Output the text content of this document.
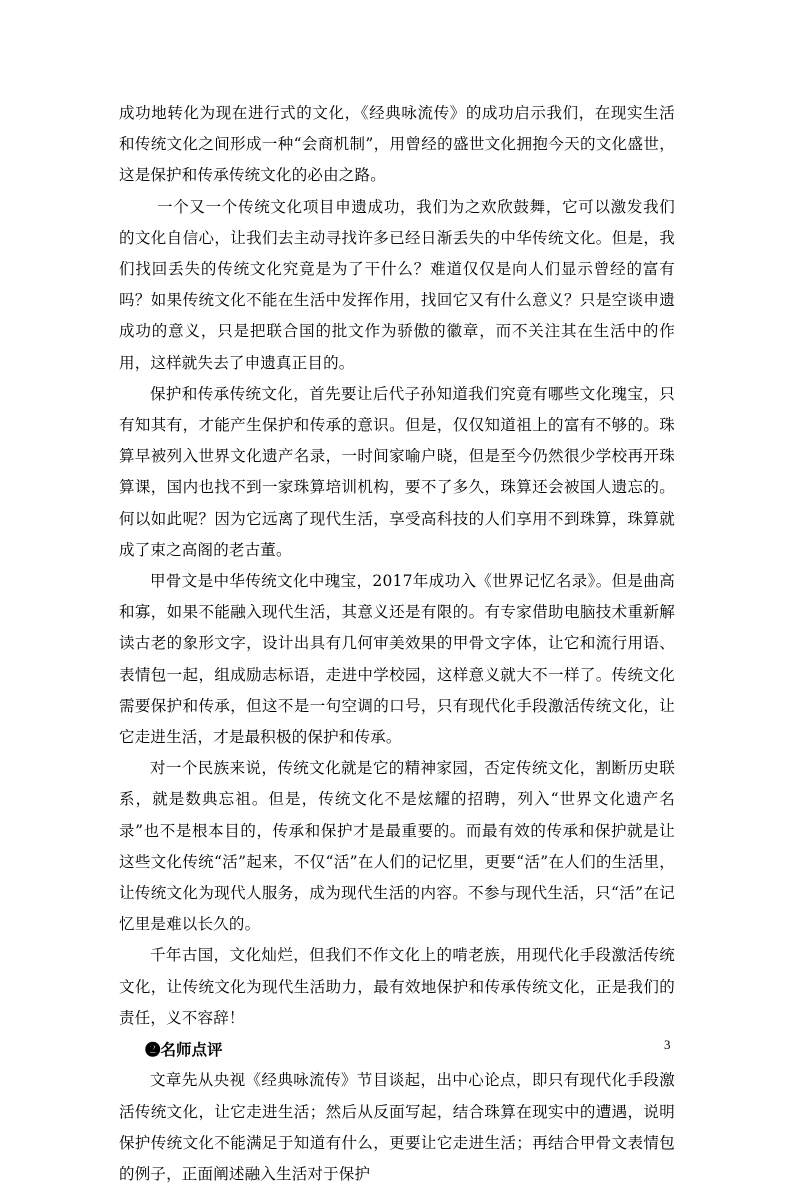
成功地转化为现在进行式的文化，《经典咏流传》的成功启示我们，在现实生活和传统文化之间形成一种“会商机制”，用曾经的盛世文化拥抱今天的文化盛世，这是保护和传承传统文化的必由之路。

一个又一个传统文化项目申遗成功，我们为之欢欣鼓舞，它可以激发我们的文化自信心，让我们去主动寻找许多已经日渐丢失的中华传统文化。但是，我们找回丢失的传统文化究竟是为了干什么？难道仅仅是向人们显示曾经的富有吗？如果传统文化不能在生活中发挥作用，找回它又有什么意义？只是空谈申遗成功的意义，只是把联合国的批文作为骄傲的徽章，而不关注其在生活中的作用，这样就失去了申遗真正目的。

保护和传承传统文化，首先要让后代子孙知道我们究竟有哪些文化瑰宝，只有知其有，才能产生保护和传承的意识。但是，仅仅知道祖上的富有不够的。珠算早被列入世界文化遗产名录，一时间家喻户晓，但是至今仍然很少学校再开珠算课，国内也找不到一家珠算培训机构，要不了多久，珠算还会被国人遗忘的。何以如此呢？因为它远离了现代生活，享受高科技的人们享用不到珠算，珠算就成了束之高阁的老古董。

甲骨文是中华传统文化中瑰宝，2017年成功入《世界记忆名录》。但是曲高和寡，如果不能融入现代生活，其意义还是有限的。有专家借助电脑技术重新解读古老的象形文字，设计出具有几何审美效果的甲骨文字体，让它和流行用语、表情包一起，组成励志标语，走进中学校园，这样意义就大不一样了。传统文化需要保护和传承，但这不是一句空调的口号，只有现代化手段激活传统文化，让它走进生活，才是最积极的保护和传承。

对一个民族来说，传统文化就是它的精神家园，否定传统文化，割断历史联系，就是数典忘祖。但是，传统文化不是炫耀的招聘，列入“世界文化遗产名录”也不是根本目的，传承和保护才是最重要的。而最有效的传承和保护就是让这些文化传统“活”起来，不仅“活”在人们的记忆里，更要“活”在人们的生活里，让传统文化为现代人服务，成为现代生活的内容。不参与现代生活，只“活”在记忆里是难以长久的。

千年古国，文化灿烂，但我们不作文化上的啃老族，用现代化手段激活传统文化，让传统文化为现代生活助力，最有效地保护和传承传统文化，正是我们的责任，义不容辞！

❷名师点评

文章先从央视《经典咏流传》节目谈起，出中心论点，即只有现代化手段激活传统文化，让它走进生活；然后从反面写起，结合珠算在现实中的遭遇，说明保护传统文化不能满足于知道有什么，更要让它走进生活；再结合甲骨文表情包的例子，正面阐述融入生活对于保护

3
